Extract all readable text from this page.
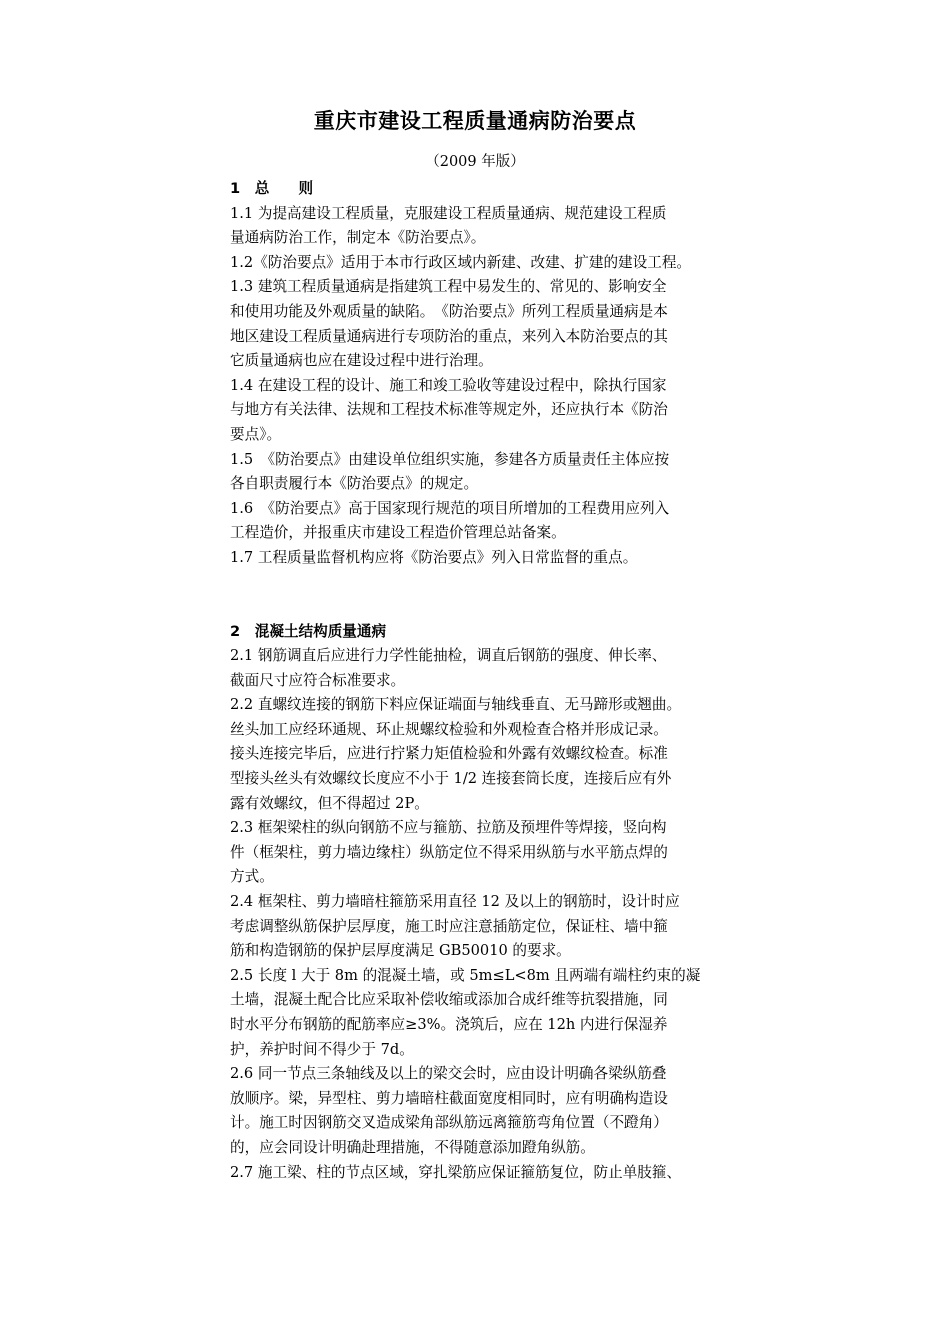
重庆市建设工程质量通病防治要点
（2009 年版）
1　总　　则
1.1 为提高建设工程质量，克服建设工程质量通病、规范建设工程质
量通病防治工作，制定本《防治要点》。
1.2《防治要点》适用于本市行政区域内新建、改建、扩建的建设工程。
1.3 建筑工程质量通病是指建筑工程中易发生的、常见的、影响安全
和使用功能及外观质量的缺陷。　《防治要点》所列工程质量通病是本
地区建设工程质量通病进行专项防治的重点，来列入本防治要点的其
它质量通病也应在建设过程中进行治理。
1.4 在建设工程的设计、施工和竣工验收等建设过程中，除执行国家
与地方有关法律、法规和工程技术标准等规定外，还应执行本《防治
要点》。
1.5　《防治要点》由建设单位组织实施，参建各方质量责任主体应按
各自职责履行本《防治要点》的规定。
1.6　《防治要点》高于国家现行规范的项目所增加的工程费用应列入
工程造价，并报重庆市建设工程造价管理总站备案。
1.7 工程质量监督机构应将《防治要点》列入日常监督的重点。
2　混凝土结构质量通病
2.1 钢筋调直后应进行力学性能抽检，调直后钢筋的强度、伸长率、
截面尺寸应符合标准要求。
2.2 直螺纹连接的钢筋下料应保证端面与轴线垂直、无马蹄形或翘曲。
丝头加工应经环通规、环止规螺纹检验和外观检查合格并形成记录。
接头连接完毕后，应进行拧紧力矩值检验和外露有效螺纹检查。标准
型接头丝头有效螺纹长度应不小于 1/2 连接套筒长度，连接后应有外
露有效螺纹，但不得超过 2P。
2.3 框架梁柱的纵向钢筋不应与箍筋、拉筋及预埋件等焊接，竖向构
件（框架柱，剪力墙边缘柱）纵筋定位不得采用纵筋与水平筋点焊的
方式。
2.4 框架柱、剪力墙暗柱箍筋采用直径 12 及以上的钢筋时，设计时应
考虑调整纵筋保护层厚度，施工时应注意插筋定位，保证柱、墙中箍
筋和构造钢筋的保护层厚度满足 GB50010 的要求。
2.5 长度 l 大于 8m 的混凝土墙，或 5m≤L<8m 且两端有端柱约束的凝
土墙，混凝土配合比应采取补偿收缩或添加合成纤维等抗裂措施，同
时水平分布钢筋的配筋率应≥3%。浇筑后，应在 12h 内进行保湿养
护，养护时间不得少于 7d。
2.6 同一节点三条轴线及以上的梁交会时，应由设计明确各梁纵筋叠
放顺序。梁，异型柱、剪力墙暗柱截面宽度相同时，应有明确构造设
计。施工时因钢筋交叉造成梁角部纵筋远离箍筋弯角位置（不蹬角）
的，应会同设计明确赴理措施，不得随意添加蹬角纵筋。
2.7 施工梁、柱的节点区域，穿扎梁筋应保证箍筋复位，防止单肢箍、
